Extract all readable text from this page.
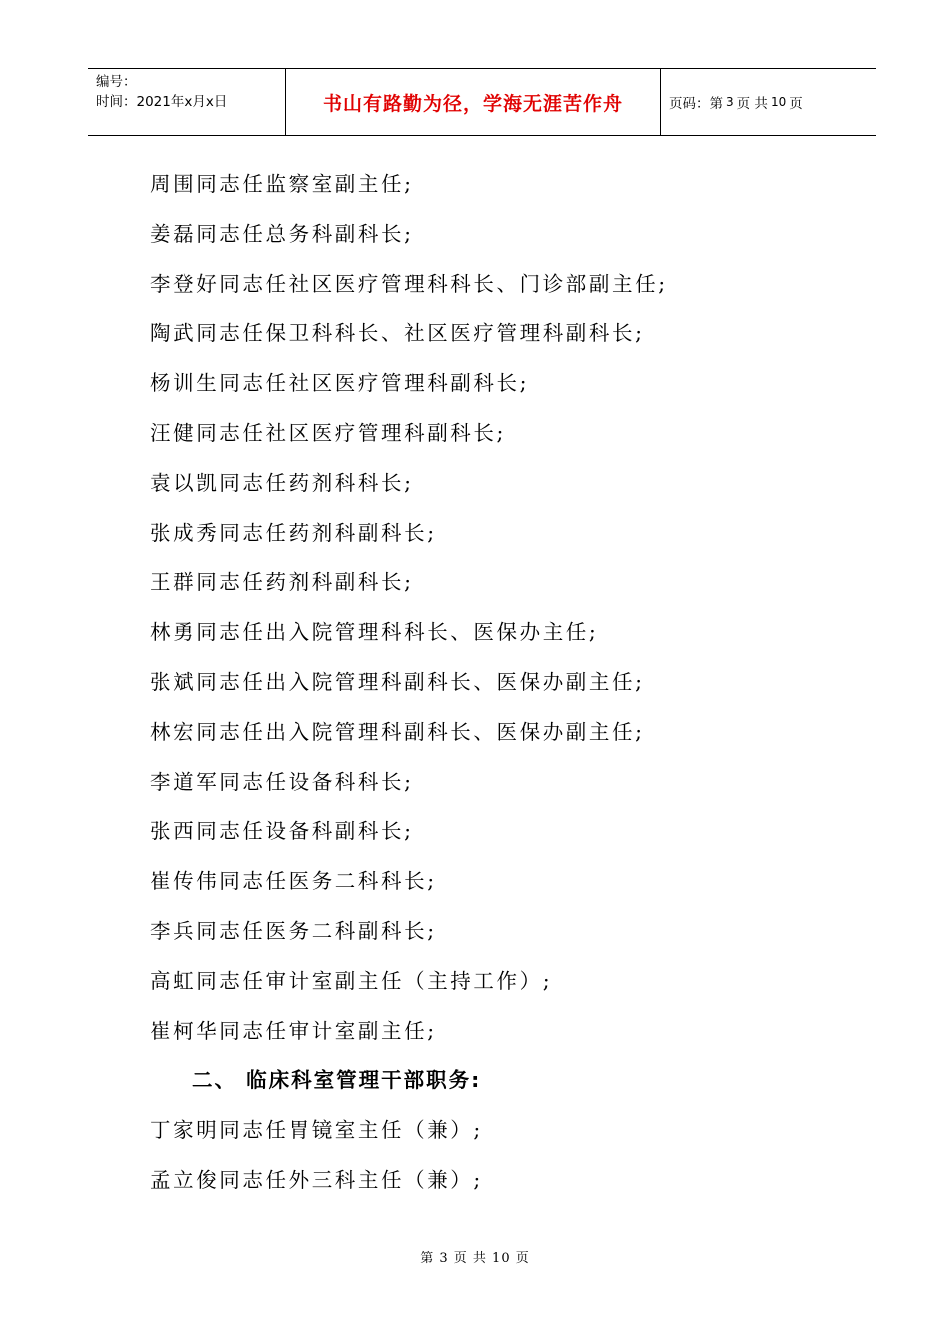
编号：
时间：2021年x月x日	书山有路勤为径，学海无涯苦作舟	页码：第 3 页 共 10 页
周围同志任监察室副主任;
姜磊同志任总务科副科长;
李登好同志任社区医疗管理科科长、门诊部副主任;
陶武同志任保卫科科长、社区医疗管理科副科长;
杨训生同志任社区医疗管理科副科长;
汪健同志任社区医疗管理科副科长;
袁以凯同志任药剂科科长;
张成秀同志任药剂科副科长;
王群同志任药剂科副科长;
林勇同志任出入院管理科科长、医保办主任;
张斌同志任出入院管理科副科长、医保办副主任;
林宏同志任出入院管理科副科长、医保办副主任;
李道军同志任设备科科长;
张西同志任设备科副科长;
崔传伟同志任医务二科科长;
李兵同志任医务二科副科长;
高虹同志任审计室副主任（主持工作）;
崔柯华同志任审计室副主任;
二、 临床科室管理干部职务:
丁家明同志任胃镜室主任（兼）;
孟立俊同志任外三科主任（兼）;
第 3 页 共 10 页
